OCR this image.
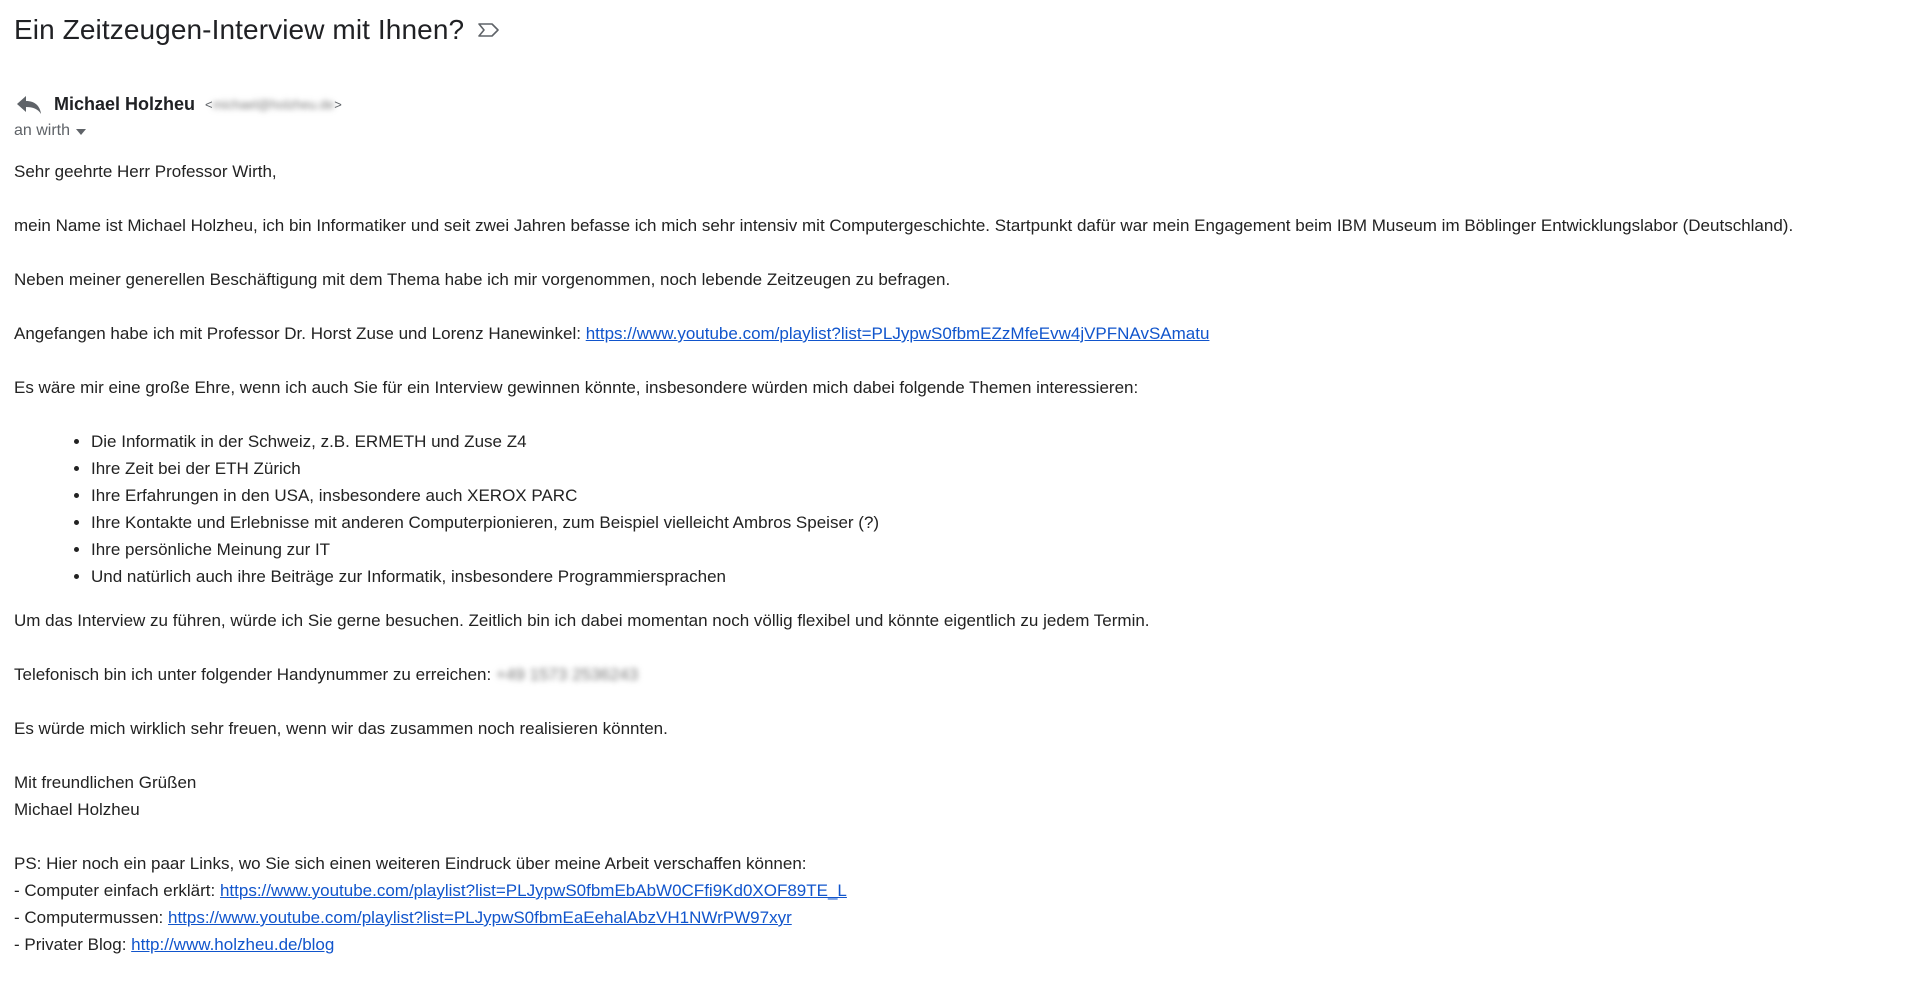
Ein Zeitzeugen-Interview mit Ihnen?
Michael Holzheu <michael@holzheu.de>
an wirth

Sehr geehrte Herr Professor Wirth,

mein Name ist Michael Holzheu, ich bin Informatiker und seit zwei Jahren befasse ich mich sehr intensiv mit Computergeschichte. Startpunkt dafür war mein Engagement beim IBM Museum im Böblinger Entwicklungslabor (Deutschland).

Neben meiner generellen Beschäftigung mit dem Thema habe ich mir vorgenommen, noch lebende Zeitzeugen zu befragen.

Angefangen habe ich mit Professor Dr. Horst Zuse und Lorenz Hanewinkel: https://www.youtube.com/playlist?list=PLJypwS0fbmEZzMfeEvw4jVPFNAvSAmatu

Es wäre mir eine große Ehre, wenn ich auch Sie für ein Interview gewinnen könnte, insbesondere würden mich dabei folgende Themen interessieren:

• Die Informatik in der Schweiz, z.B. ERMETH und Zuse Z4
• Ihre Zeit bei der ETH Zürich
• Ihre Erfahrungen in den USA, insbesondere auch XEROX PARC
• Ihre Kontakte und Erlebnisse mit anderen Computerpionieren, zum Beispiel vielleicht Ambros Speiser (?)
• Ihre persönliche Meinung zur IT
• Und natürlich auch ihre Beiträge zur Informatik, insbesondere Programmiersprachen

Um das Interview zu führen, würde ich Sie gerne besuchen. Zeitlich bin ich dabei momentan noch völlig flexibel und könnte eigentlich zu jedem Termin.

Telefonisch bin ich unter folgender Handynummer zu erreichen: +49 1573 2536243

Es würde mich wirklich sehr freuen, wenn wir das zusammen noch realisieren könnten.

Mit freundlichen Grüßen

Michael Holzheu

PS: Hier noch ein paar Links, wo Sie sich einen weiteren Eindruck über meine Arbeit verschaffen können:

- Computer einfach erklärt: https://www.youtube.com/playlist?list=PLJypwS0fbmEbAbW0CFfi9Kd0XOF89TE_L

- Computermussen: https://www.youtube.com/playlist?list=PLJypwS0fbmEaEehalAbzVH1NWrPW97xyr

- Privater Blog: http://www.holzheu.de/blog
